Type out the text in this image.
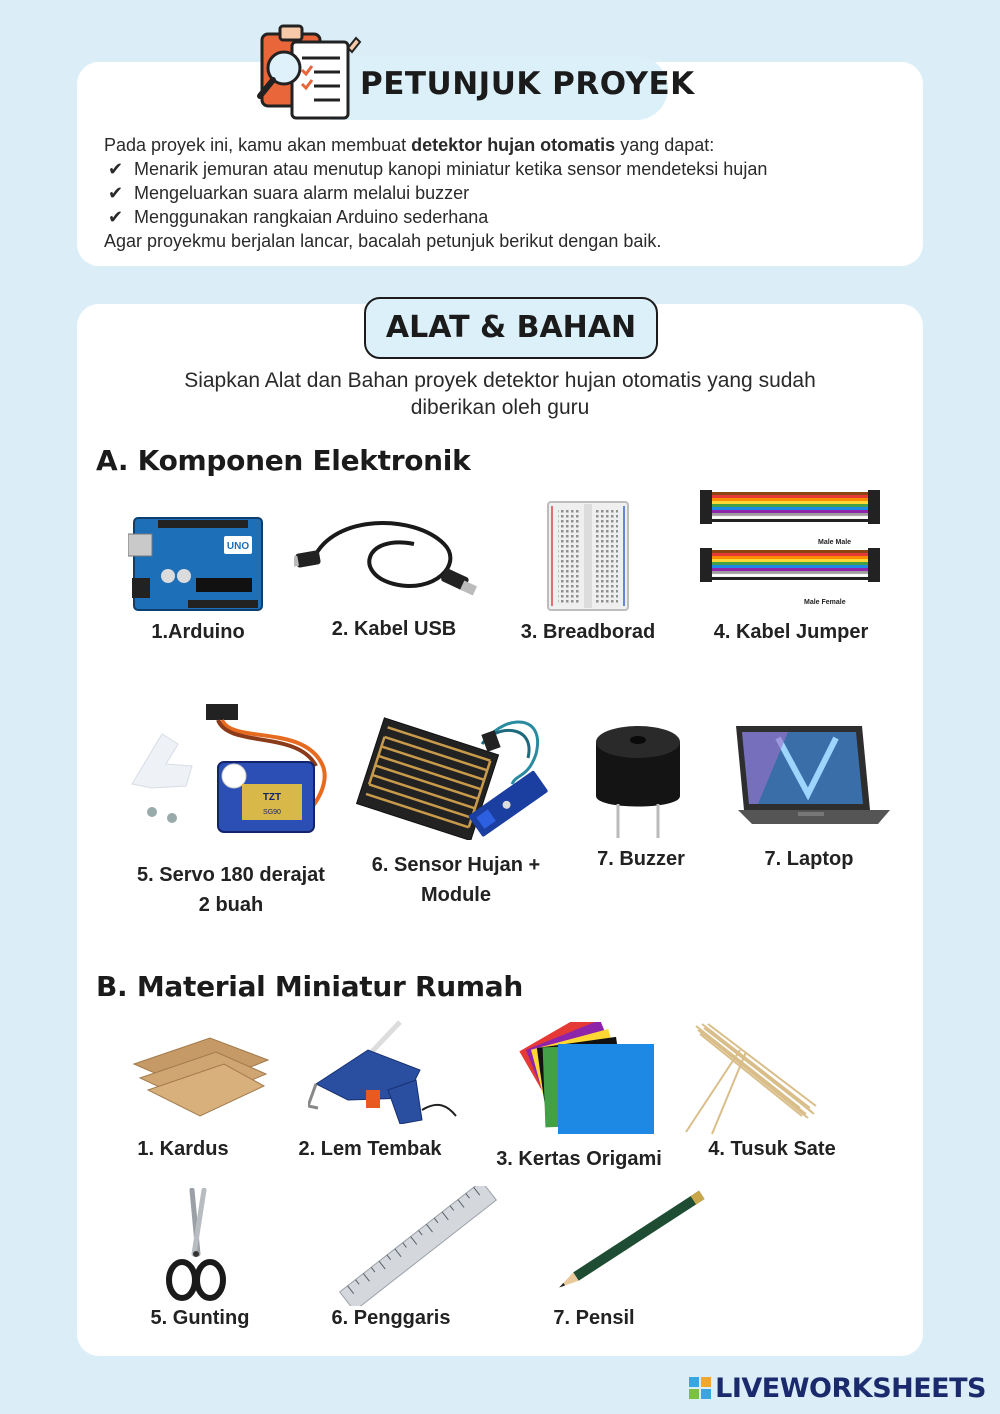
PETUNJUK PROYEK
Pada proyek ini, kamu akan membuat detektor hujan otomatis yang dapat:
✔ Menarik jemuran atau menutup kanopi miniatur ketika sensor mendeteksi hujan
✔ Mengeluarkan suara alarm melalui buzzer
✔ Menggunakan rangkaian Arduino sederhana
Agar proyekmu berjalan lancar, bacalah petunjuk berikut dengan baik.
ALAT & BAHAN
Siapkan Alat dan Bahan proyek detektor hujan otomatis yang sudah
diberikan oleh guru
A. Komponen Elektronik
UNO
1.Arduino	2. Kabel USB	3. Breadborad
Male Male
Male Female
4. Kabel Jumper
TZT
SG90
5. Servo 180 derajat
2 buah
6. Sensor Hujan +
Module
7. Buzzer	7. Laptop
B. Material Miniatur Rumah
1. Kardus	2. Lem Tembak	3. Kertas Origami	4. Tusuk Sate
5. Gunting	6. Penggaris	7. Pensil
LIVEWORKSHEETS
